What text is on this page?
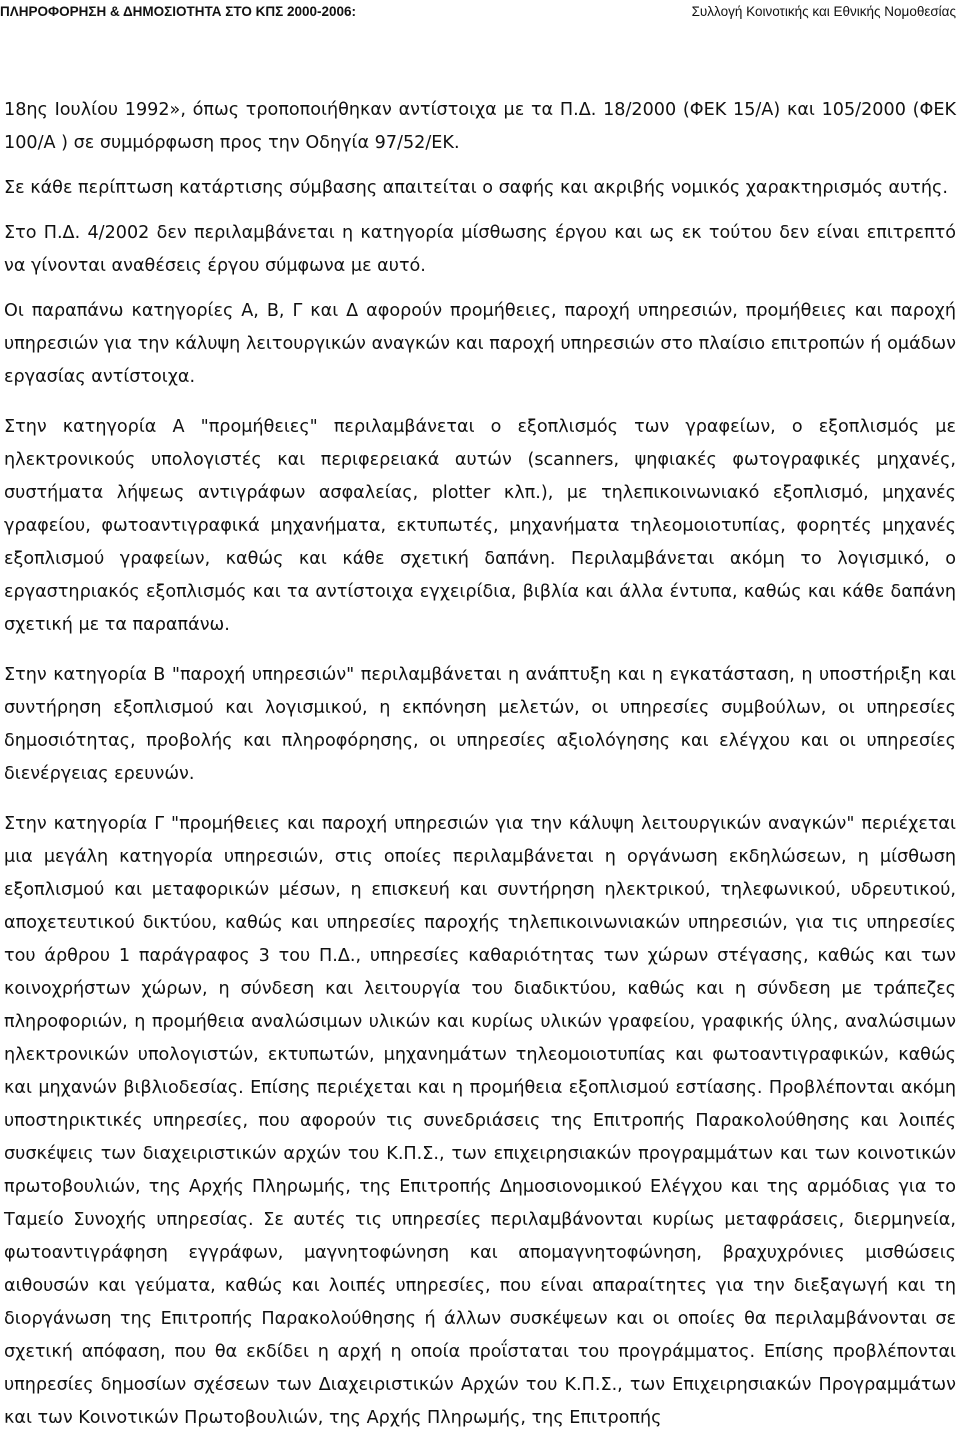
ΠΛΗΡΟΦΟΡΗΣΗ & ΔΗΜΟΣΙΟΤΗΤΑ ΣΤΟ ΚΠΣ 2000-2006:	Συλλογή Κοινοτικής και Εθνικής Νομοθεσίας

18ης Ιουλίου 1992», όπως τροποποιήθηκαν αντίστοιχα με τα Π.Δ. 18/2000 (ΦΕΚ 15/Α) και 105/2000 (ΦΕΚ 100/Α ) σε συμμόρφωση προς την Οδηγία 97/52/ΕΚ.

Σε κάθε περίπτωση κατάρτισης σύμβασης απαιτείται ο σαφής και ακριβής νομικός χαρακτηρισμός αυτής.

Στο Π.Δ. 4/2002 δεν περιλαμβάνεται η κατηγορία μίσθωσης έργου και ως εκ τούτου δεν είναι επιτρεπτό να γίνονται αναθέσεις έργου σύμφωνα με αυτό.

Οι παραπάνω κατηγορίες Α, Β, Γ και Δ αφορούν προμήθειες, παροχή υπηρεσιών, προμήθειες και παροχή υπηρεσιών για την κάλυψη λειτουργικών αναγκών και παροχή υπηρεσιών στο πλαίσιο επιτροπών ή ομάδων εργασίας αντίστοιχα.

Στην κατηγορία Α "προμήθειες" περιλαμβάνεται ο εξοπλισμός των γραφείων, ο εξοπλισμός με ηλεκτρονικούς υπολογιστές και περιφερειακά αυτών (scanners, ψηφιακές φωτογραφικές μηχανές, συστήματα λήψεως αντιγράφων ασφαλείας, plotter κλπ.), με τηλεπικοινωνιακό εξοπλισμό, μηχανές γραφείου, φωτοαντιγραφικά μηχανήματα, εκτυπωτές, μηχανήματα τηλεομοιοτυπίας, φορητές μηχανές εξοπλισμού γραφείων, καθώς και κάθε σχετική δαπάνη. Περιλαμβάνεται ακόμη το λογισμικό, ο εργαστηριακός εξοπλισμός και τα αντίστοιχα εγχειρίδια, βιβλία και άλλα έντυπα, καθώς και κάθε δαπάνη σχετική με τα παραπάνω.

Στην κατηγορία Β "παροχή υπηρεσιών" περιλαμβάνεται η ανάπτυξη και η εγκατάσταση, η υποστήριξη και συντήρηση εξοπλισμού και λογισμικού, η εκπόνηση μελετών, οι υπηρεσίες συμβούλων, οι υπηρεσίες δημοσιότητας, προβολής και πληροφόρησης, οι υπηρεσίες αξιολόγησης και ελέγχου και οι υπηρεσίες διενέργειας ερευνών.

Στην κατηγορία Γ "προμήθειες και παροχή υπηρεσιών για την κάλυψη λειτουργικών αναγκών" περιέχεται μια μεγάλη κατηγορία υπηρεσιών, στις οποίες περιλαμβάνεται η οργάνωση εκδηλώσεων, η μίσθωση εξοπλισμού και μεταφορικών μέσων, η επισκευή και συντήρηση ηλεκτρικού, τηλεφωνικού, υδρευτικού, αποχετευτικού δικτύου, καθώς και υπηρεσίες παροχής τηλεπικοινωνιακών υπηρεσιών, για τις υπηρεσίες του άρθρου 1 παράγραφος 3 του Π.Δ., υπηρεσίες καθαριότητας των χώρων στέγασης, καθώς και των κοινοχρήστων χώρων, η σύνδεση και λειτουργία του διαδικτύου, καθώς και η σύνδεση με τράπεζες πληροφοριών, η προμήθεια αναλώσιμων υλικών και κυρίως υλικών γραφείου, γραφικής ύλης, αναλώσιμων ηλεκτρονικών υπολογιστών, εκτυπωτών, μηχανημάτων τηλεομοιοτυπίας και φωτοαντιγραφικών, καθώς και μηχανών βιβλιοδεσίας. Επίσης περιέχεται και η προμήθεια εξοπλισμού εστίασης. Προβλέπονται ακόμη υποστηρικτικές υπηρεσίες, που αφορούν τις συνεδριάσεις της Επιτροπής Παρακολούθησης και λοιπές συσκέψεις των διαχειριστικών αρχών του Κ.Π.Σ., των επιχειρησιακών προγραμμάτων και των κοινοτικών πρωτοβουλιών, της Αρχής Πληρωμής, της Επιτροπής Δημοσιονομικού Ελέγχου και της αρμόδιας για το Ταμείο Συνοχής υπηρεσίας. Σε αυτές τις υπηρεσίες περιλαμβάνονται κυρίως μεταφράσεις, διερμηνεία, φωτοαντιγράφηση εγγράφων, μαγνητοφώνηση και απομαγνητοφώνηση, βραχυχρόνιες μισθώσεις αιθουσών και γεύματα, καθώς και λοιπές υπηρεσίες, που είναι απαραίτητες για την διεξαγωγή και τη διοργάνωση της Επιτροπής Παρακολούθησης ή άλλων συσκέψεων και οι οποίες θα περιλαμβάνονται σε σχετική απόφαση, που θα εκδίδει η αρχή η οποία προΐσταται του προγράμματος. Επίσης προβλέπονται υπηρεσίες δημοσίων σχέσεων των Διαχειριστικών Αρχών του Κ.Π.Σ., των Επιχειρησιακών Προγραμμάτων και των Κοινοτικών Πρωτοβουλιών, της Αρχής Πληρωμής, της Επιτροπής
